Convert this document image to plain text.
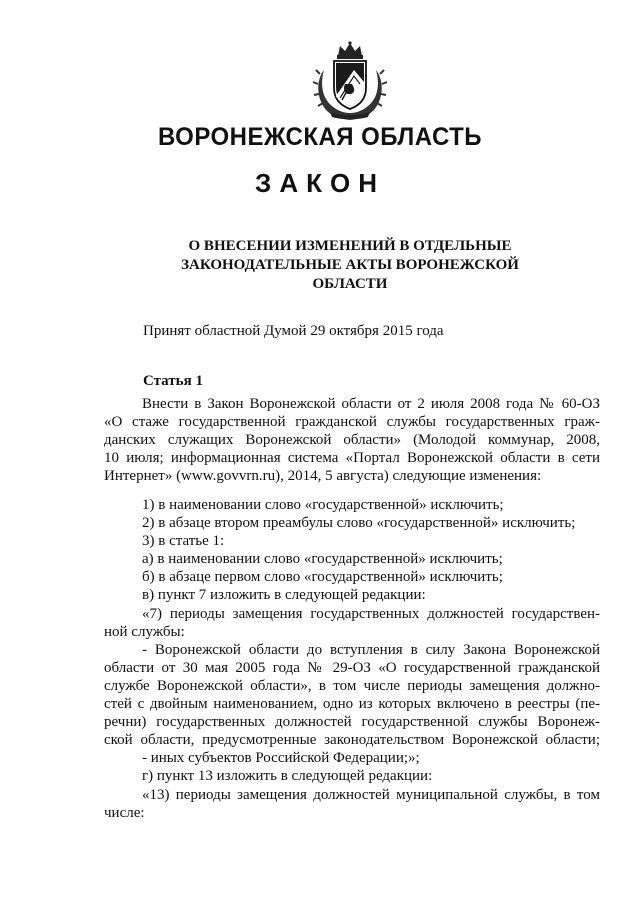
ВОРОНЕЖСКАЯ ОБЛАСТЬ
ЗАКОН
О ВНЕСЕНИИ ИЗМЕНЕНИЙ В ОТДЕЛЬНЫЕ
ЗАКОНОДАТЕЛЬНЫЕ АКТЫ ВОРОНЕЖСКОЙ
ОБЛАСТИ

Принят областной Думой 29 октября 2015 года

Статья 1

Внести в Закон Воронежской области от 2 июля 2008 года № 60-ОЗ
«О стаже государственной гражданской службы государственных граж-
данских служащих Воронежской области» (Молодой коммунар, 2008,
10 июля; информационная система «Портал Воронежской области в сети
Интернет» (www.govvrn.ru), 2014, 5 августа) следующие изменения:
1) в наименовании слово «государственной» исключить;
2) в абзаце втором преамбулы слово «государственной» исключить;
3) в статье 1:
а) в наименовании слово «государственной» исключить;
б) в абзаце первом слово «государственной» исключить;
в) пункт 7 изложить в следующей редакции:
«7) периоды замещения государственных должностей государствен-
ной службы:
- Воронежской области до вступления в силу Закона Воронежской
области от 30 мая 2005 года № 29-ОЗ «О государственной гражданской
службе Воронежской области», в том числе периоды замещения должно-
стей с двойным наименованием, одно из которых включено в реестры (пе-
речни) государственных должностей государственной службы Воронеж-
ской области, предусмотренные законодательством Воронежской области;
- иных субъектов Российской Федерации;»;
г) пункт 13 изложить в следующей редакции:
«13) периоды замещения должностей муниципальной службы, в том
числе:
